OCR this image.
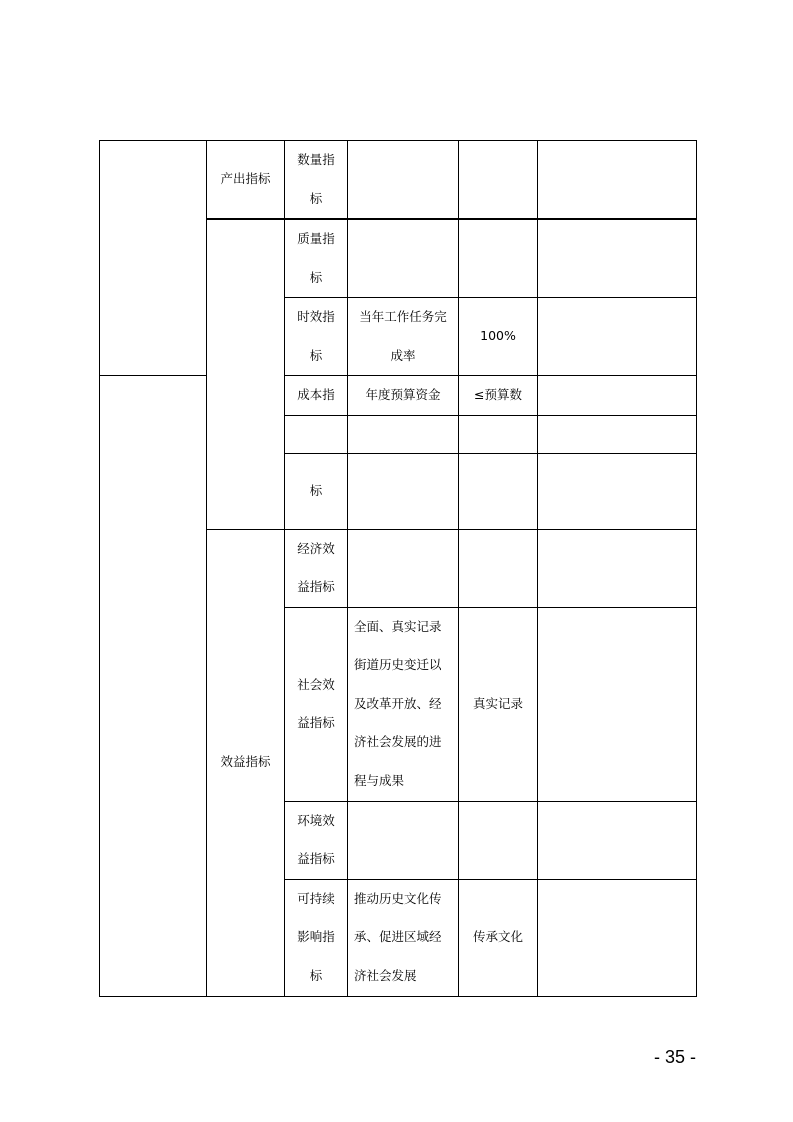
	产出指标	数量指
标			

		质量指
标			

		时效指
标	当年工作任务完
成率	100%	
		成本指	年度预算资金	≤预算数	

		标			
	效益指标	经济效
益指标			

		社会效
益指标	全面、真实记录
街道历史变迁以
及改革开放、经
济社会发展的进
程与成果	真实记录	

		环境效
益指标			

		可持续
影响指
标	推动历史文化传
承、促进区域经
济社会发展	传承文化	
- 35 -
